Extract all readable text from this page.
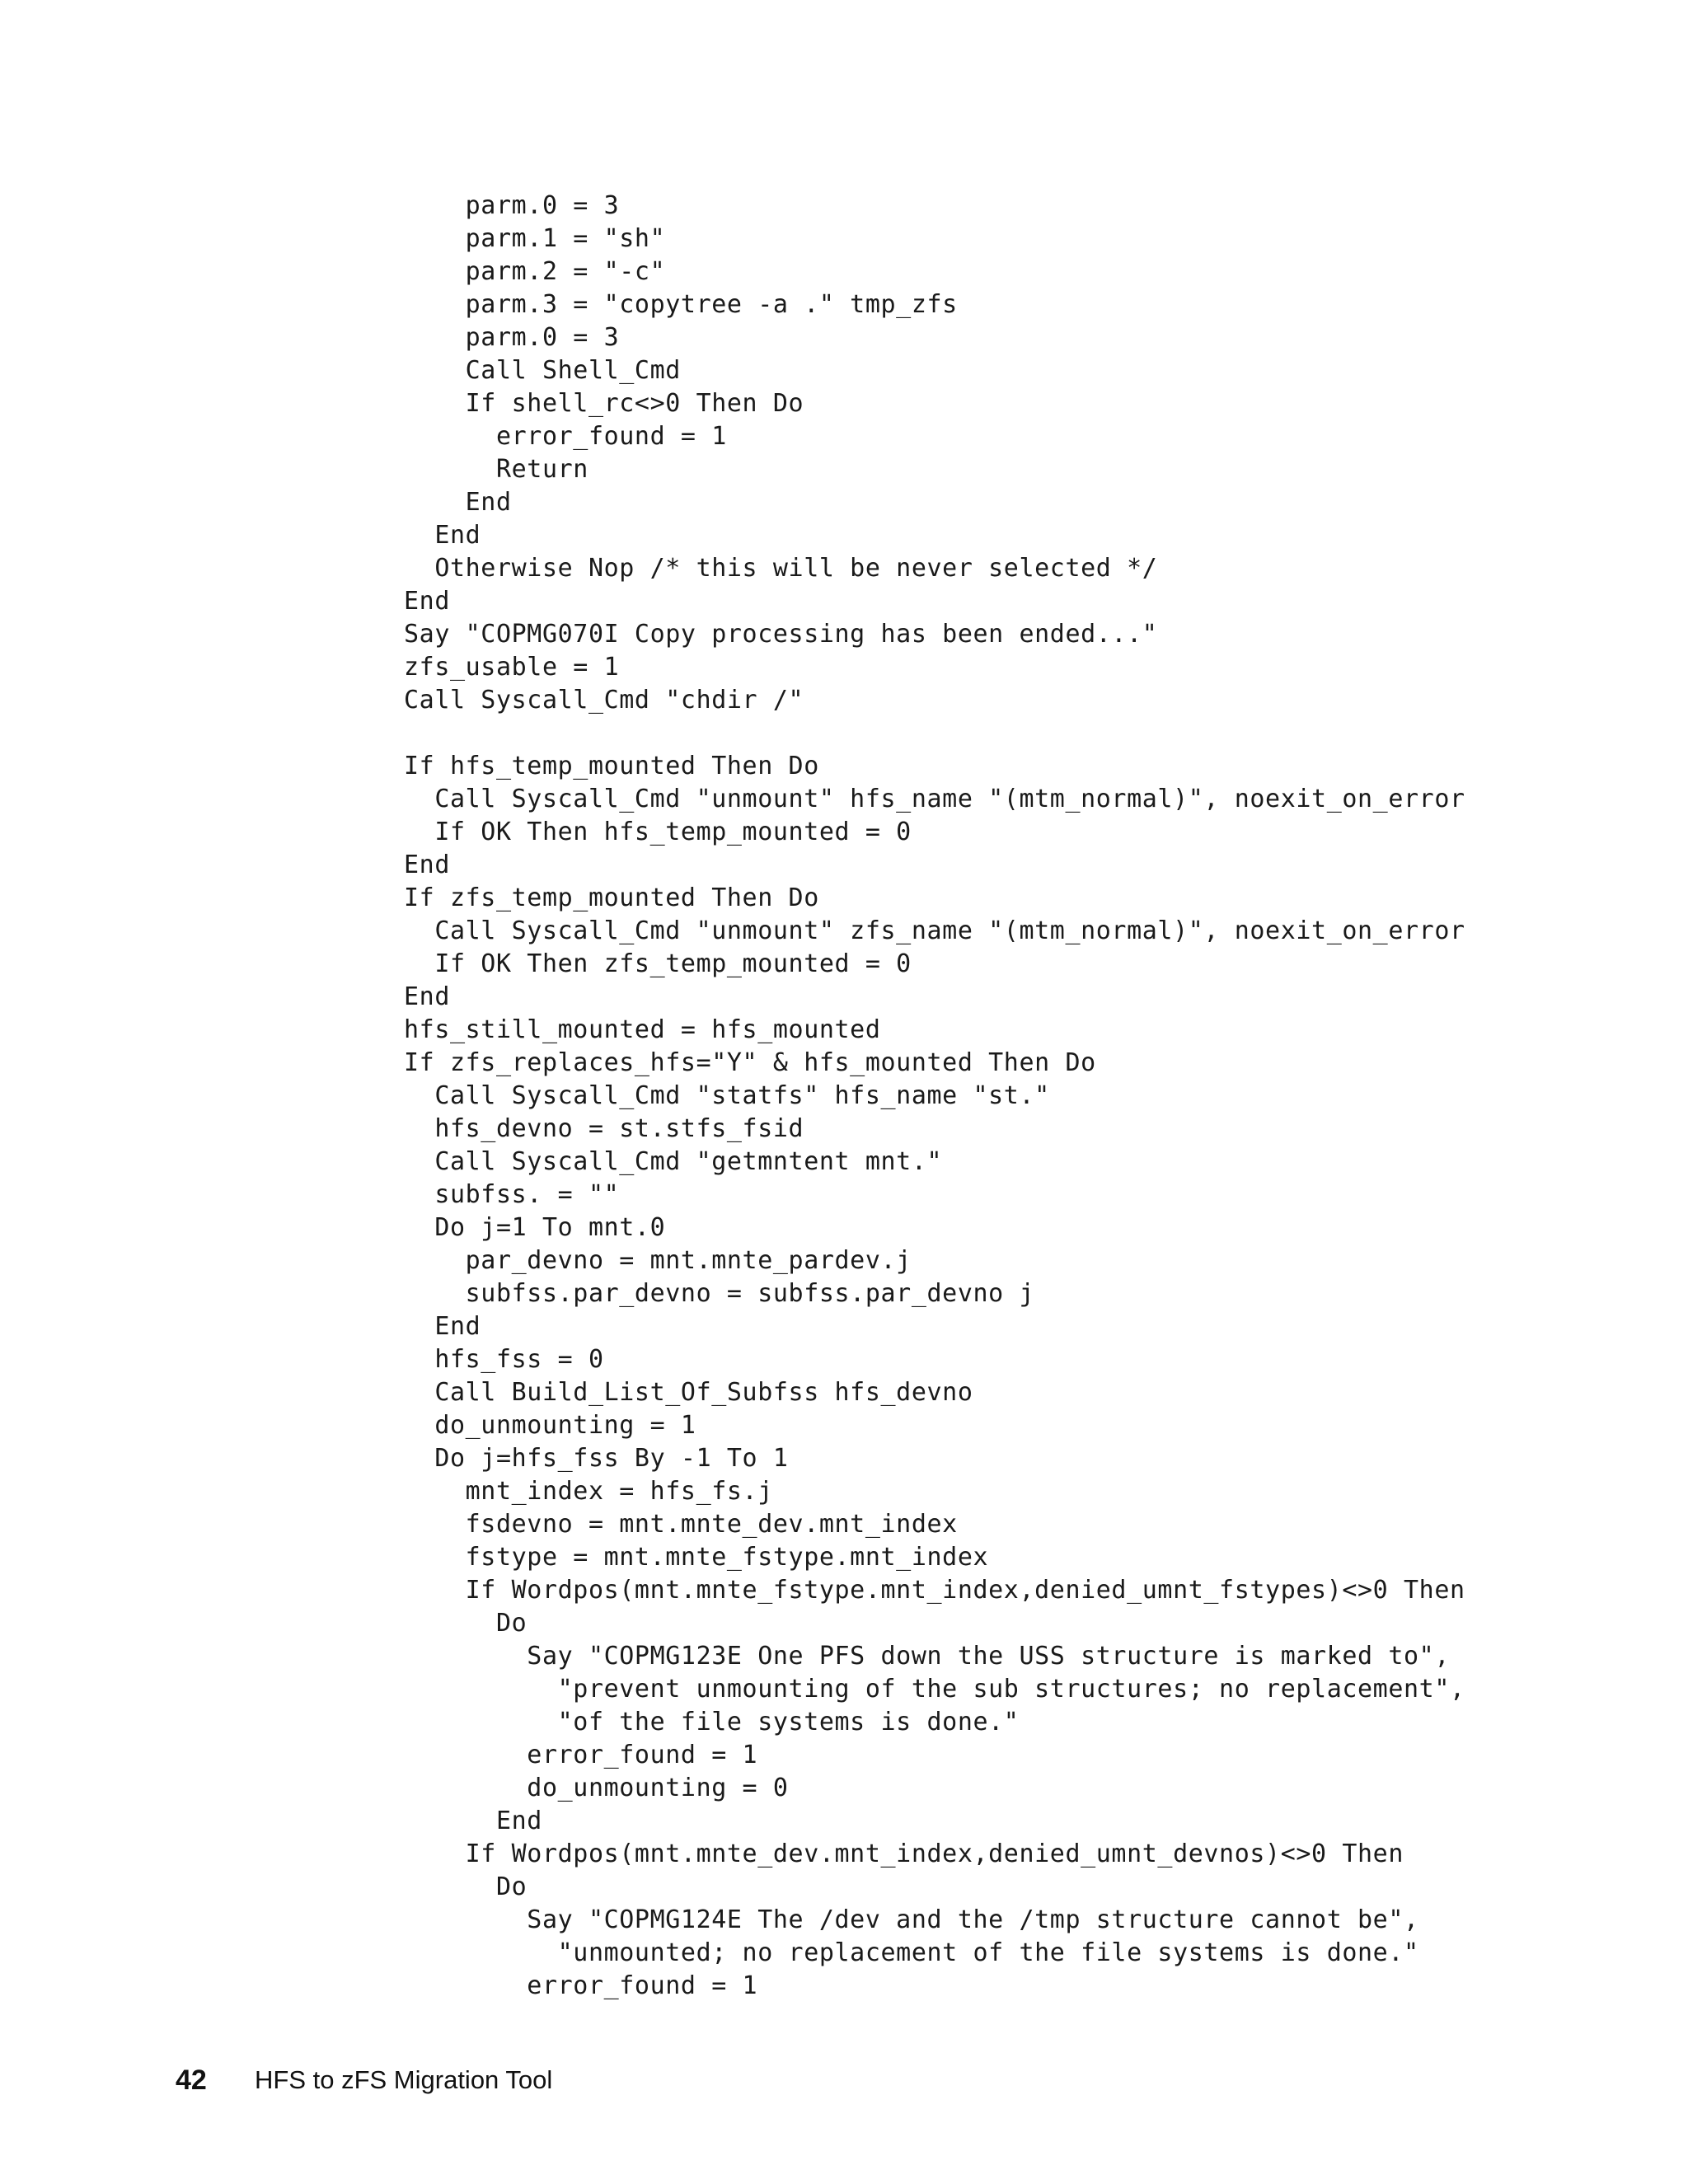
parm.0 = 3
parm.1 = "sh"
parm.2 = "-c"
parm.3 = "copytree -a ." tmp_zfs
parm.0 = 3
Call Shell_Cmd
If shell_rc<>0 Then Do
error_found = 1
Return
End
End
Otherwise Nop /* this will be never selected */
End
Say "COPMG070I Copy processing has been ended..."
zfs_usable = 1
Call Syscall_Cmd "chdir /"
If hfs_temp_mounted Then Do
Call Syscall_Cmd "unmount" hfs_name "(mtm_normal)", noexit_on_error
If OK Then hfs_temp_mounted = 0
End
If zfs_temp_mounted Then Do
Call Syscall_Cmd "unmount" zfs_name "(mtm_normal)", noexit_on_error
If OK Then zfs_temp_mounted = 0
End
hfs_still_mounted = hfs_mounted
If zfs_replaces_hfs="Y" & hfs_mounted Then Do
Call Syscall_Cmd "statfs" hfs_name "st."
hfs_devno = st.stfs_fsid
Call Syscall_Cmd "getmntent mnt."
subfss. = ""
Do j=1 To mnt.0
par_devno = mnt.mnte_pardev.j
subfss.par_devno = subfss.par_devno j
End
hfs_fss = 0
Call Build_List_Of_Subfss hfs_devno
do_unmounting = 1
Do j=hfs_fss By -1 To 1
mnt_index = hfs_fs.j
fsdevno = mnt.mnte_dev.mnt_index
fstype = mnt.mnte_fstype.mnt_index
If Wordpos(mnt.mnte_fstype.mnt_index,denied_umnt_fstypes)<>0 Then
Do
Say "COPMG123E One PFS down the USS structure is marked to",
"prevent unmounting of the sub structures; no replacement",
"of the file systems is done."
error_found = 1
do_unmounting = 0
End
If Wordpos(mnt.mnte_dev.mnt_index,denied_umnt_devnos)<>0 Then
Do
Say "COPMG124E The /dev and the /tmp structure cannot be",
"unmounted; no replacement of the file systems is done."
error_found = 1
42	HFS to zFS Migration Tool
